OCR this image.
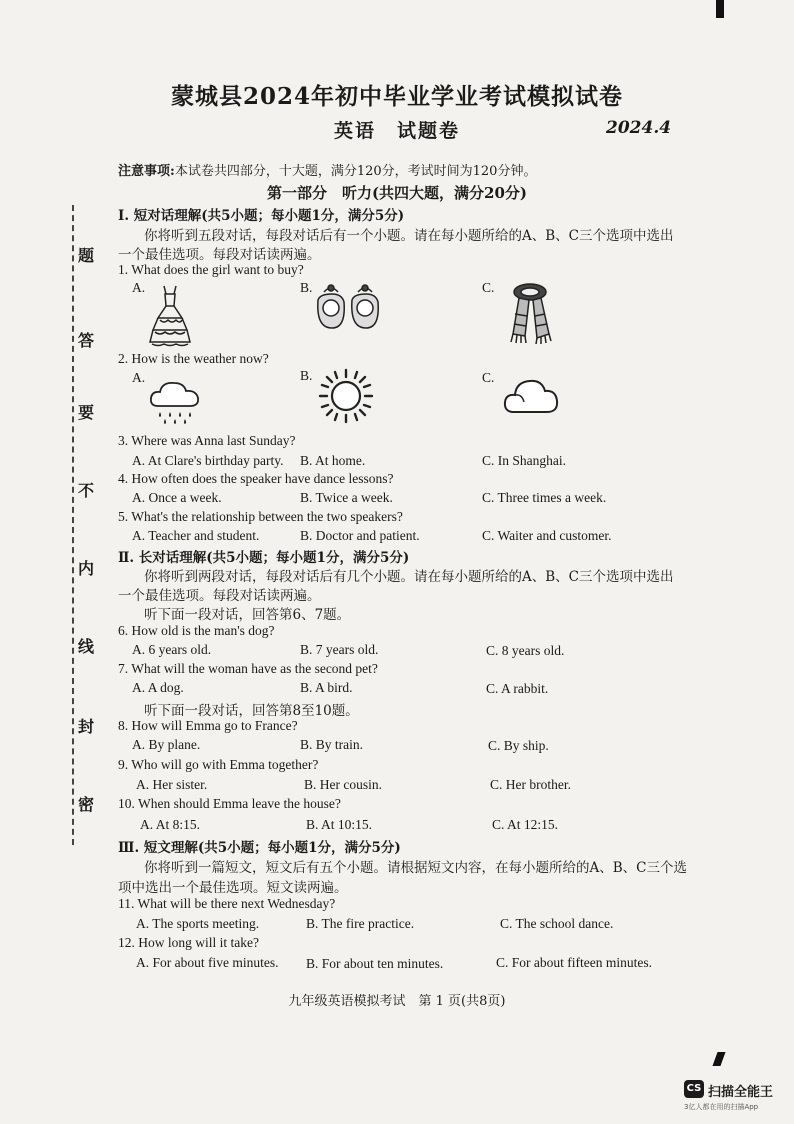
蒙城县2024年初中毕业学业考试模拟试卷
英语　试题卷	2024.4
注意事项:本试卷共四部分，十大题，满分120分，考试时间为120分钟。
第一部分　听力(共四大题，满分20分)
题
答
要
不
内
线
封
密
Ⅰ. 短对话理解(共5小题；每小题1分，满分5分)
你将听到五段对话，每段对话后有一个小题。请在每小题所给的A、B、C三个选项中选出
一个最佳选项。每段对话读两遍。
1. What does the girl want to buy?
A.	B.	C.
2. How is the weather now?
A.	B.	C.
3. Where was Anna last Sunday?
A. At Clare's birthday party. B. At home.	C. In Shanghai.
4. How often does the speaker have dance lessons?
A. Once a week.	B. Twice a week.	C. Three times a week.
5. What's the relationship between the two speakers?
A. Teacher and student.	B. Doctor and patient.	C. Waiter and customer.
Ⅱ. 长对话理解(共5小题；每小题1分，满分5分)
你将听到两段对话，每段对话后有几个小题。请在每小题所给的A、B、C三个选项中选出
一个最佳选项。每段对话读两遍。
听下面一段对话，回答第6、7题。
6. How old is the man's dog?
A. 6 years old.	B. 7 years old.	C. 8 years old.
7. What will the woman have as the second pet?
A. A dog.	B. A bird.	C. A rabbit.
听下面一段对话，回答第8至10题。
8. How will Emma go to France?
A. By plane.	B. By train.	C. By ship.
9. Who will go with Emma together?
A. Her sister.	B. Her cousin.	C. Her brother.
10. When should Emma leave the house?
A. At 8:15.	B. At 10:15.	C. At 12:15.
Ⅲ. 短文理解(共5小题；每小题1分，满分5分)
你将听到一篇短文，短文后有五个小题。请根据短文内容，在每小题所给的A、B、C三个选
项中选出一个最佳选项。短文读两遍。
11. What will be there next Wednesday?
A. The sports meeting.	B. The fire practice.	C. The school dance.
12. How long will it take?
A. For about five minutes. B. For about ten minutes.	C. For about fifteen minutes.
九年级英语模拟考试　第 1 页(共8页)
CS 扫描全能王
3亿人都在用的扫描App
